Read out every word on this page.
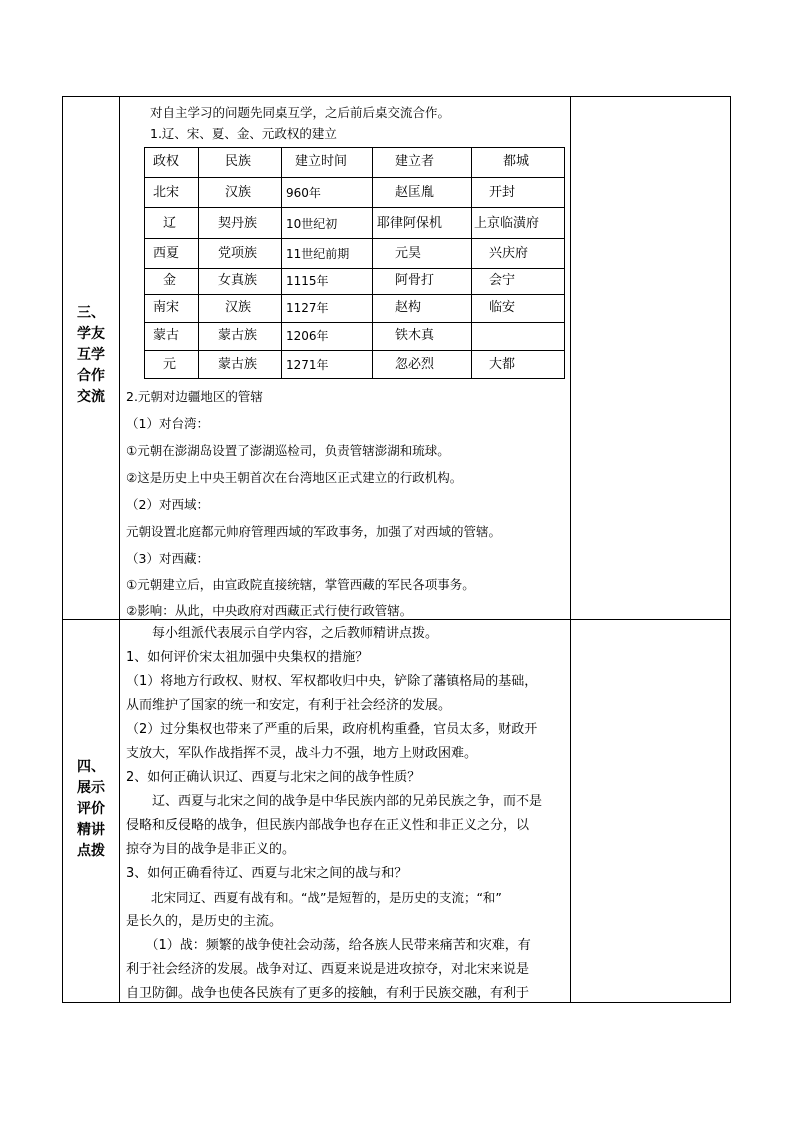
三、
学友
互学
合作
交流
对自主学习的问题先同桌互学，之后前后桌交流合作。
1.辽、宋、夏、金、元政权的建立
2.元朝对边疆地区的管辖
（1）对台湾：
①元朝在澎湖岛设置了澎湖巡检司，负责管辖澎湖和琉球。
②这是历史上中央王朝首次在台湾地区正式建立的行政机构。
（2）对西域：
元朝设置北庭都元帅府管理西域的军政事务，加强了对西域的管辖。
（3）对西藏：
①元朝建立后，由宣政院直接统辖，掌管西藏的军民各项事务。
②影响：从此，中央政府对西藏正式行使行政管辖。
政权	民族	建立时间	建立者	都城
北宋	汉族	960年	赵匡胤	开封
辽	契丹族 10世纪初	耶律阿保机 上京临潢府
西夏	党项族 11世纪前期	元昊	兴庆府
金	女真族 1115年	阿骨打	会宁
南宋	汉族	1127年	赵构	临安
蒙古	蒙古族 1206年	铁木真
元	蒙古族 1271年	忽必烈	大都
四、
展示
评价
精讲
点拨
　　每小组派代表展示自学内容，之后教师精讲点拨。
1、如何评价宋太祖加强中央集权的措施？
（1）将地方行政权、财权、军权都收归中央，铲除了藩镇格局的基础，
从而维护了国家的统一和安定，有利于社会经济的发展。
（2）过分集权也带来了严重的后果，政府机构重叠，官员太多，财政开
支放大，军队作战指挥不灵，战斗力不强，地方上财政困难。
2、如何正确认识辽、西夏与北宋之间的战争性质？
　　辽、西夏与北宋之间的战争是中华民族内部的兄弟民族之争，而不是
侵略和反侵略的战争，但民族内部战争也存在正义性和非正义之分，以
掠夺为目的战争是非正义的。
3、如何正确看待辽、西夏与北宋之间的战与和？
　　北宋同辽、西夏有战有和。“战”是短暂的，是历史的支流；“和”
是长久的，是历史的主流。
　　（1）战：频繁的战争使社会动荡，给各族人民带来痛苦和灾难，有
利于社会经济的发展。战争对辽、西夏来说是进攻掠夺，对北宋来说是
自卫防御。战争也使各民族有了更多的接触，有利于民族交融，有利于
